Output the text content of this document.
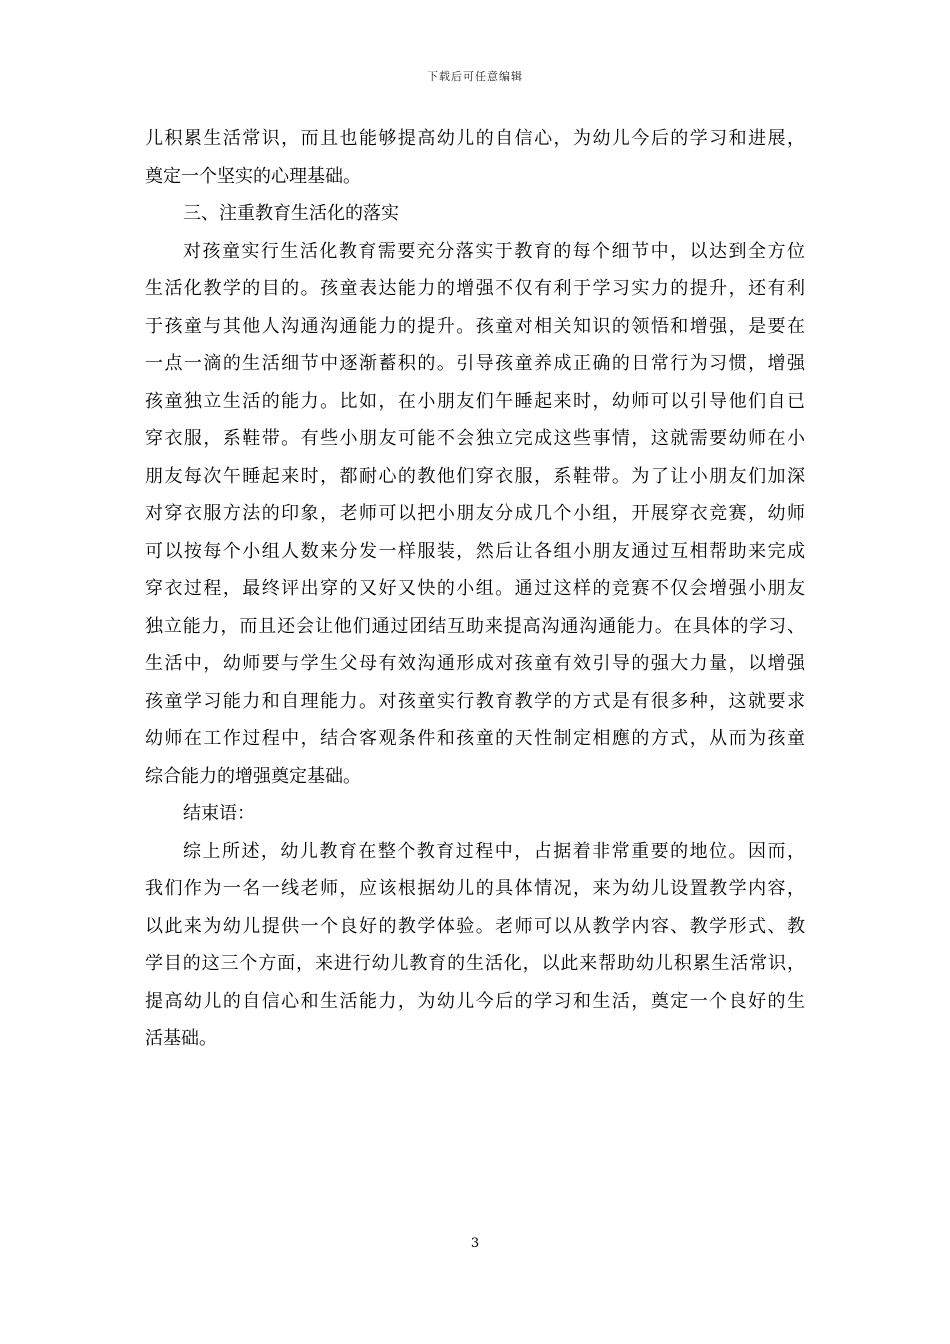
下载后可任意编辑
儿积累生活常识，而且也能够提高幼儿的自信心，为幼儿今后的学习和进展，
奠定一个坚实的心理基础。
三、注重教育生活化的落实
对孩童实行生活化教育需要充分落实于教育的每个细节中，以达到全方位
生活化教学的目的。孩童表达能力的增强不仅有利于学习实力的提升，还有利
于孩童与其他人沟通沟通能力的提升。孩童对相关知识的领悟和增强，是要在
一点一滴的生活细节中逐渐蓄积的。引导孩童养成正确的日常行为习惯，增强
孩童独立生活的能力。比如，在小朋友们午睡起来时，幼师可以引导他们自已
穿衣服，系鞋带。有些小朋友可能不会独立完成这些事情，这就需要幼师在小
朋友每次午睡起来时，都耐心的教他们穿衣服，系鞋带。为了让小朋友们加深
对穿衣服方法的印象，老师可以把小朋友分成几个小组，开展穿衣竞赛，幼师
可以按每个小组人数来分发一样服装，然后让各组小朋友通过互相帮助来完成
穿衣过程，最终评出穿的又好又快的小组。通过这样的竞赛不仅会增强小朋友
独立能力，而且还会让他们通过团结互助来提高沟通沟通能力。在具体的学习、
生活中，幼师要与学生父母有效沟通形成对孩童有效引导的强大力量，以增强
孩童学习能力和自理能力。对孩童实行教育教学的方式是有很多种，这就要求
幼师在工作过程中，结合客观条件和孩童的天性制定相應的方式，从而为孩童
综合能力的增强奠定基础。
结束语：
综上所述，幼儿教育在整个教育过程中，占据着非常重要的地位。因而，
我们作为一名一线老师，应该根据幼儿的具体情况，来为幼儿设置教学内容，
以此来为幼儿提供一个良好的教学体验。老师可以从教学内容、教学形式、教
学目的这三个方面，来进行幼儿教育的生活化，以此来帮助幼儿积累生活常识，
提高幼儿的自信心和生活能力，为幼儿今后的学习和生活，奠定一个良好的生
活基础。
3
